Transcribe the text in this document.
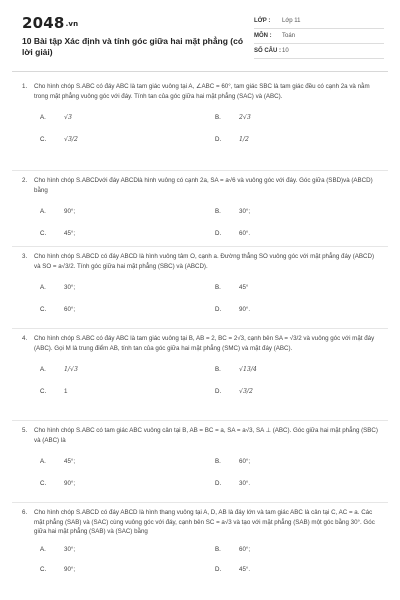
2048.vn
10 Bài tập Xác định và tính góc giữa hai mặt phẳng (có lời giải)
LỚP :	Lớp 11
MÔN :	Toán
SỐ CÂU : 10
1.	Cho hình chóp S.ABC có đáy ABC là tam giác vuông tại A, ∠ABC = 60°, tam giác SBC là tam giác đều có cạnh 2a và nằm trong mặt phẳng vuông góc với đáy. Tính tan của góc giữa hai mặt phẳng (SAC) và (ABC).
A.	√3	B.	2√3
C.	√3/2	D.	1/2
2.	Cho hình chóp S.ABCDvới đáy ABCDlà hình vuông có cạnh 2a, SA = a√6 và vuông góc với đáy. Góc giữa (SBD)và (ABCD) bằng
A.	90°;	B.	30°;
C.	45°;	D.	60°.
3.	Cho hình chóp S.ABCD có đáy ABCD là hình vuông tâm O, cạnh a. Đường thẳng SO vuông góc với mặt phẳng đáy (ABCD) và SO = a√3/2. Tính góc giữa hai mặt phẳng (SBC) và (ABCD).
A.	30°;	B.	45°
C.	60°;	D.	90°.
4.	Cho hình chóp S.ABC có đáy ABC là tam giác vuông tại B, AB = 2, BC = 2√3, cạnh bên SA = √3/2 và vuông góc với mặt đáy (ABC). Gọi M là trung điểm AB, tính tan của góc giữa hai mặt phẳng (SMC) và mặt đáy (ABC).
A.	1/√3	B.	√13/4
C.	1	D.	√3/2
5.	Cho hình chóp S.ABC có tam giác ABC vuông cân tại B, AB = BC = a, SA = a√3, SA ⊥ (ABC). Góc giữa hai mặt phẳng (SBC) và (ABC) là
A.	45°;	B.	60°;
C.	90°;	D.	30°.
6.	Cho hình chóp S.ABCD có đáy ABCD là hình thang vuông tại A, D, AB là đáy lớn và tam giác ABC là cân tại C, AC = a. Các mặt phẳng (SAB) và (SAC) cùng vuông góc với đáy, cạnh bên SC = a√3 và tạo với mặt phẳng (SAB) một góc bằng 30°. Góc giữa hai mặt phẳng (SAB) và (SAC) bằng
A.	30°;	B.	60°;
C.	90°;	D.	45°.
